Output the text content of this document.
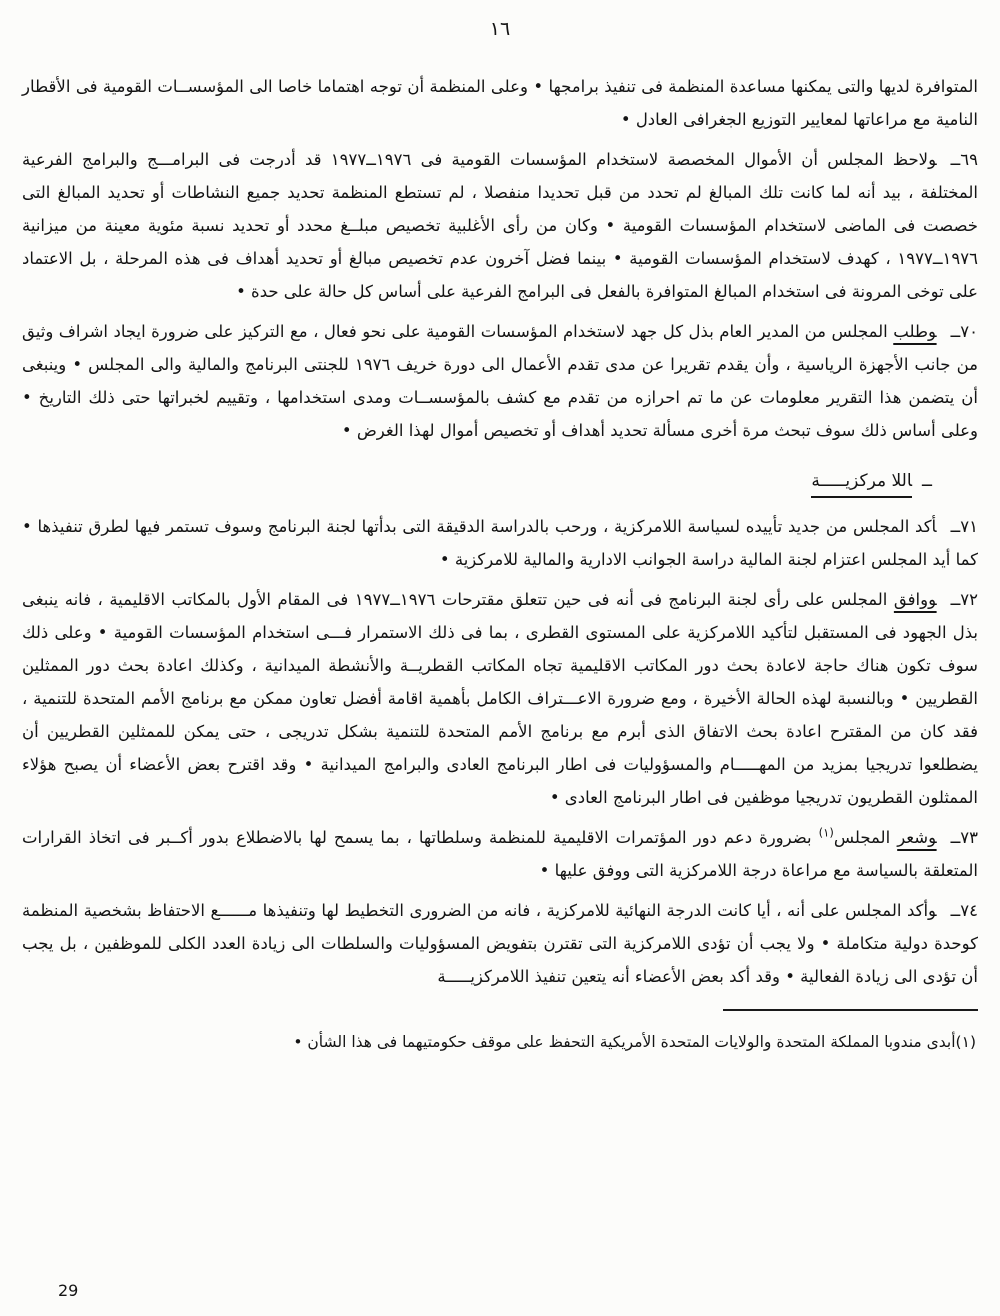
١٦

المتوافرة لديها والتى يمكنها مساعدة المنظمة فى تنفيذ برامجها • وعلى المنظمة أن توجه اهتماما خاصا الى المؤسســات القومية فى الأقطار النامية مع مراعاتها لمعايير التوزيع الجغرافى العادل •

٦٩ــولاحظ المجلس أن الأموال المخصصة لاستخدام المؤسسات القومية فى ١٩٧٦ــ١٩٧٧ قد أدرجت فى البرامـــج والبرامج الفرعية المختلفة ، بيد أنه لما كانت تلك المبالغ لم تحدد من قبل تحديدا منفصلا ، لم تستطع المنظمة تحديد جميع النشاطات أو تحديد المبالغ التى خصصت فى الماضى لاستخدام المؤسسات القومية • وكان من رأى الأغلبية تخصيص مبلــغ محدد أو تحديد نسبة مئوية معينة من ميزانية ١٩٧٦ــ١٩٧٧ ، كهدف لاستخدام المؤسسات القومية • بينما فضل آخرون عدم تخصيص مبالغ أو تحديد أهداف فى هذه المرحلة ، بل الاعتماد على توخى المرونة فى استخدام المبالغ المتوافرة بالفعل فى البرامج الفرعية على أساس كل حالة على حدة •

٧٠ــوطلب المجلس من المدير العام بذل كل جهد لاستخدام المؤسسات القومية على نحو فعال ، مع التركيز على ضرورة ايجاد اشراف وثيق من جانب الأجهزة الرياسية ، وأن يقدم تقريرا عن مدى تقدم الأعمال الى دورة خريف ١٩٧٦ للجنتى البرنامج والمالية والى المجلس • وينبغى أن يتضمن هذا التقرير معلومات عن ما تم احرازه من تقدم مع كشف بالمؤسســات ومدى استخدامها ، وتقييم لخبراتها حتى ذلك التاريخ • وعلى أساس ذلك سوف تبحث مرة أخرى مسألة تحديد أهداف أو تخصيص أموال لهذا الغرض •

ــاللا مركزيـــــة

٧١ــأكد المجلس من جديد تأييده لسياسة اللامركزية ، ورحب بالدراسة الدقيقة التى بدأتها لجنة البرنامج وسوف تستمر فيها لطرق تنفيذها • كما أيد المجلس اعتزام لجنة المالية دراسة الجوانب الادارية والمالية للامركزية •

٧٢ــووافق المجلس على رأى لجنة البرنامج فى أنه فى حين تتعلق مقترحات ١٩٧٦ــ١٩٧٧ فى المقام الأول بالمكاتب الاقليمية ، فانه ينبغى بذل الجهود فى المستقبل لتأكيد اللامركزية على المستوى القطرى ، بما فى ذلك الاستمرار فـــى استخدام المؤسسات القومية • وعلى ذلك سوف تكون هناك حاجة لاعادة بحث دور المكاتب الاقليمية تجاه المكاتب القطريــة والأنشطة الميدانية ، وكذلك اعادة بحث دور الممثلين القطريين • وبالنسبة لهذه الحالة الأخيرة ، ومع ضرورة الاعـــتراف الكامل بأهمية اقامة أفضل تعاون ممكن مع برنامج الأمم المتحدة للتنمية ، فقد كان من المقترح اعادة بحث الاتفاق الذى أبرم مع برنامج الأمم المتحدة للتنمية بشكل تدريجى ، حتى يمكن للممثلين القطريين أن يضطلعوا تدريجيا بمزيد من المهـــــام والمسؤوليات فى اطار البرنامج العادى والبرامج الميدانية • وقد اقترح بعض الأعضاء أن يصبح هؤلاء الممثلون القطريون تدريجيا موظفين فى اطار البرنامج العادى •

٧٣ــوشعر المجلس$^{(١)}$ بضرورة دعم دور المؤتمرات الاقليمية للمنظمة وسلطاتها ، بما يسمح لها بالاضطلاع بدور أكــبر فى اتخاذ القرارات المتعلقة بالسياسة مع مراعاة درجة اللامركزية التى ووفق عليها •

٧٤ــوأكد المجلس على أنه ، أيا كانت الدرجة النهائية للامركزية ، فانه من الضرورى التخطيط لها وتنفيذها مــــــع الاحتفاظ بشخصية المنظمة كوحدة دولية متكاملة • ولا يجب أن تؤدى اللامركزية التى تقترن بتفويض المسؤوليات والسلطات الى زيادة العدد الكلى للموظفين ، بل يجب أن تؤدى الى زيادة الفعالية • وقد أكد بعض الأعضاء أنه يتعين تنفيذ اللامركزيـــــة

(١)أبدى مندوبا المملكة المتحدة والولايات المتحدة الأمريكية التحفظ على موقف حكومتيهما فى هذا الشأن •

29
